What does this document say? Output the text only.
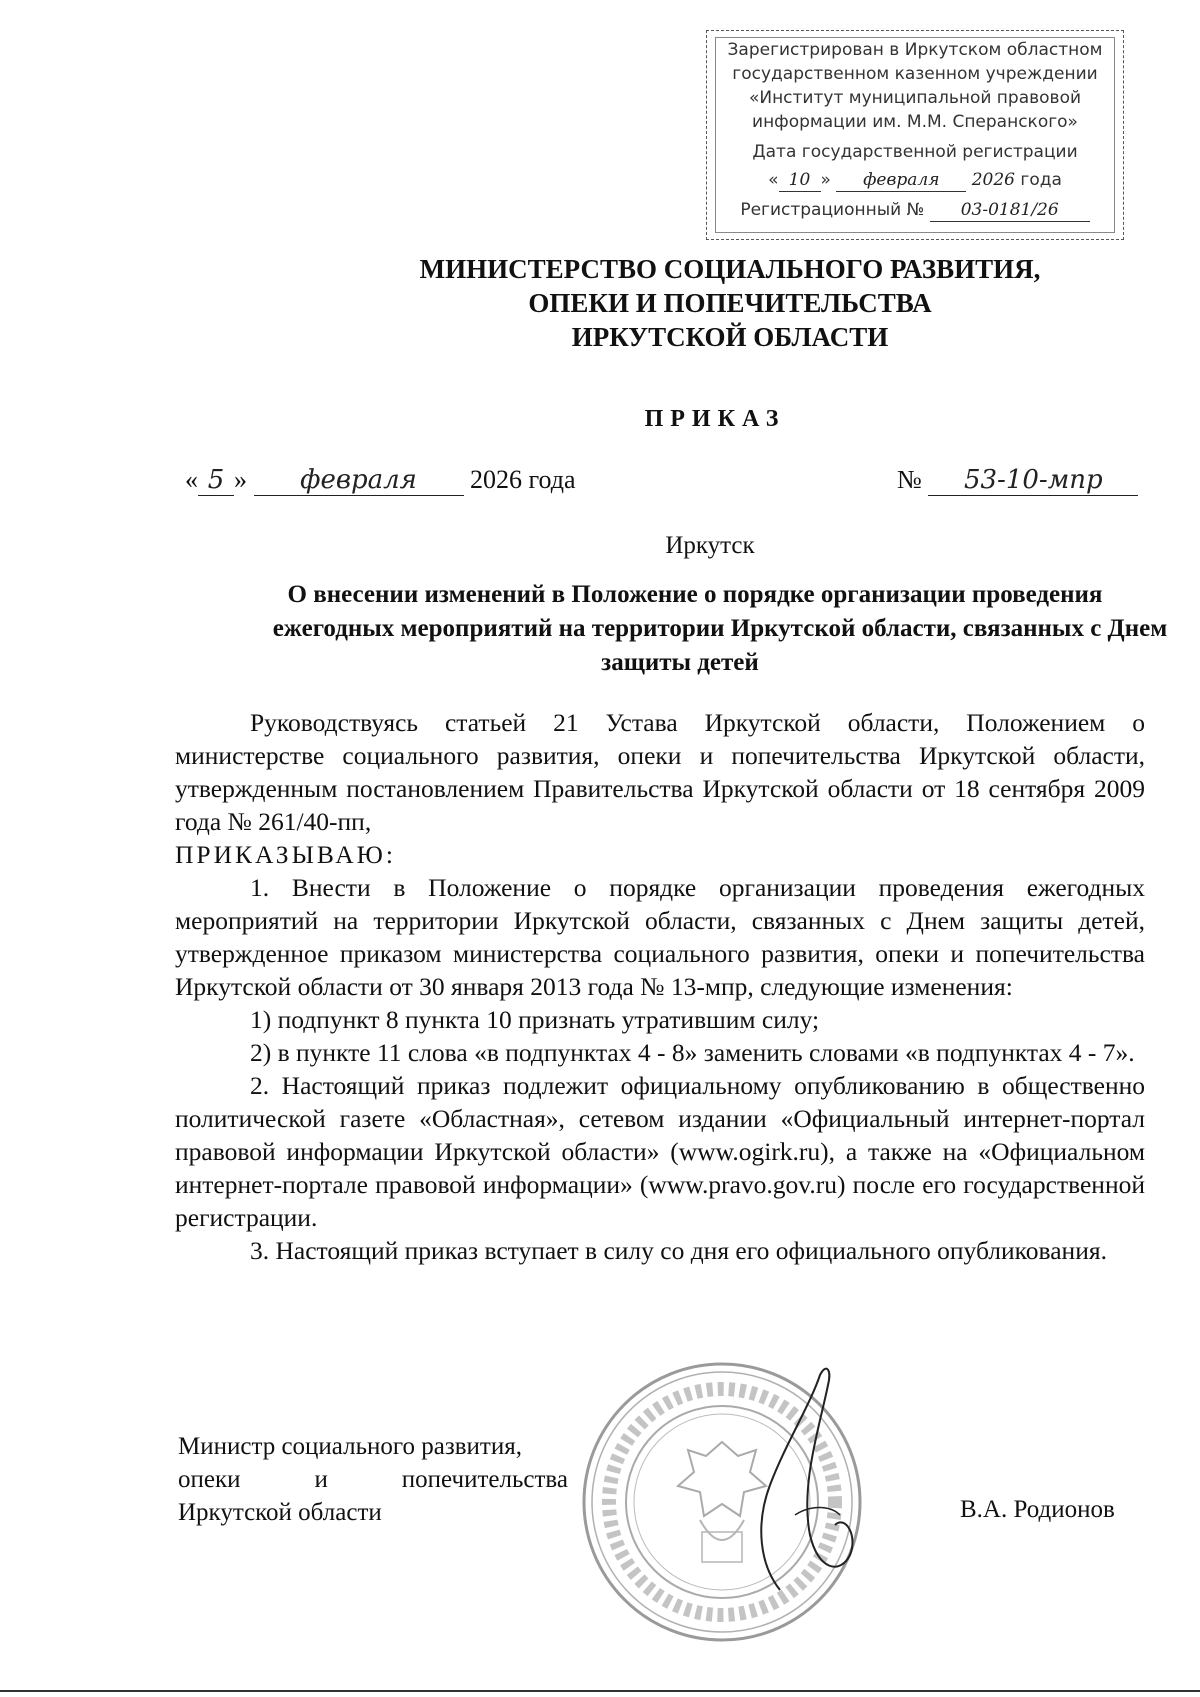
Зарегистрирован в Иркутском областном
государственном казенном учреждении
«Институт муниципальной правовой
информации им. М.М. Сперанского»
Дата государственной регистрации
« 10 » февраля 2026 года
Регистрационный № 03-0181/26
МИНИСТЕРСТВО СОЦИАЛЬНОГО РАЗВИТИЯ,
ОПЕКИ И ПОПЕЧИТЕЛЬСТВА
ИРКУТСКОЙ ОБЛАСТИ
ПРИКАЗ
« 5 » февраля 2026 года	№ 53-10-мпр
Иркутск
О внесении изменений в Положение о порядке организации проведения
ежегодных мероприятий на территории Иркутской области, связанных с Днем
защиты детей

Руководствуясь статьей 21 Устава Иркутской области, Положением о министерстве социального развития, опеки и попечительства Иркутской области, утвержденным постановлением Правительства Иркутской области от 18 сентября 2009 года № 261/40-пп,

ПРИКАЗЫВАЮ:

1. Внести в Положение о порядке организации проведения ежегодных мероприятий на территории Иркутской области, связанных с Днем защиты детей, утвержденное приказом министерства социального развития, опеки и попечительства Иркутской области от 30 января 2013 года № 13-мпр, следующие изменения:

1) подпункт 8 пункта 10 признать утратившим силу;

2) в пункте 11 слова «в подпунктах 4 - 8» заменить словами «в подпунктах 4 - 7».

2. Настоящий приказ подлежит официальному опубликованию в общественно политической газете «Областная», сетевом издании «Официальный интернет-портал правовой информации Иркутской области» (www.ogirk.ru), а также на «Официальном интернет-портале правовой информации» (www.pravo.gov.ru) после его государственной регистрации.

3. Настоящий приказ вступает в силу со дня его официального опубликования.

Министр социального развития,
опеки	и	попечительства
Иркутской области	В.А. Родионов
